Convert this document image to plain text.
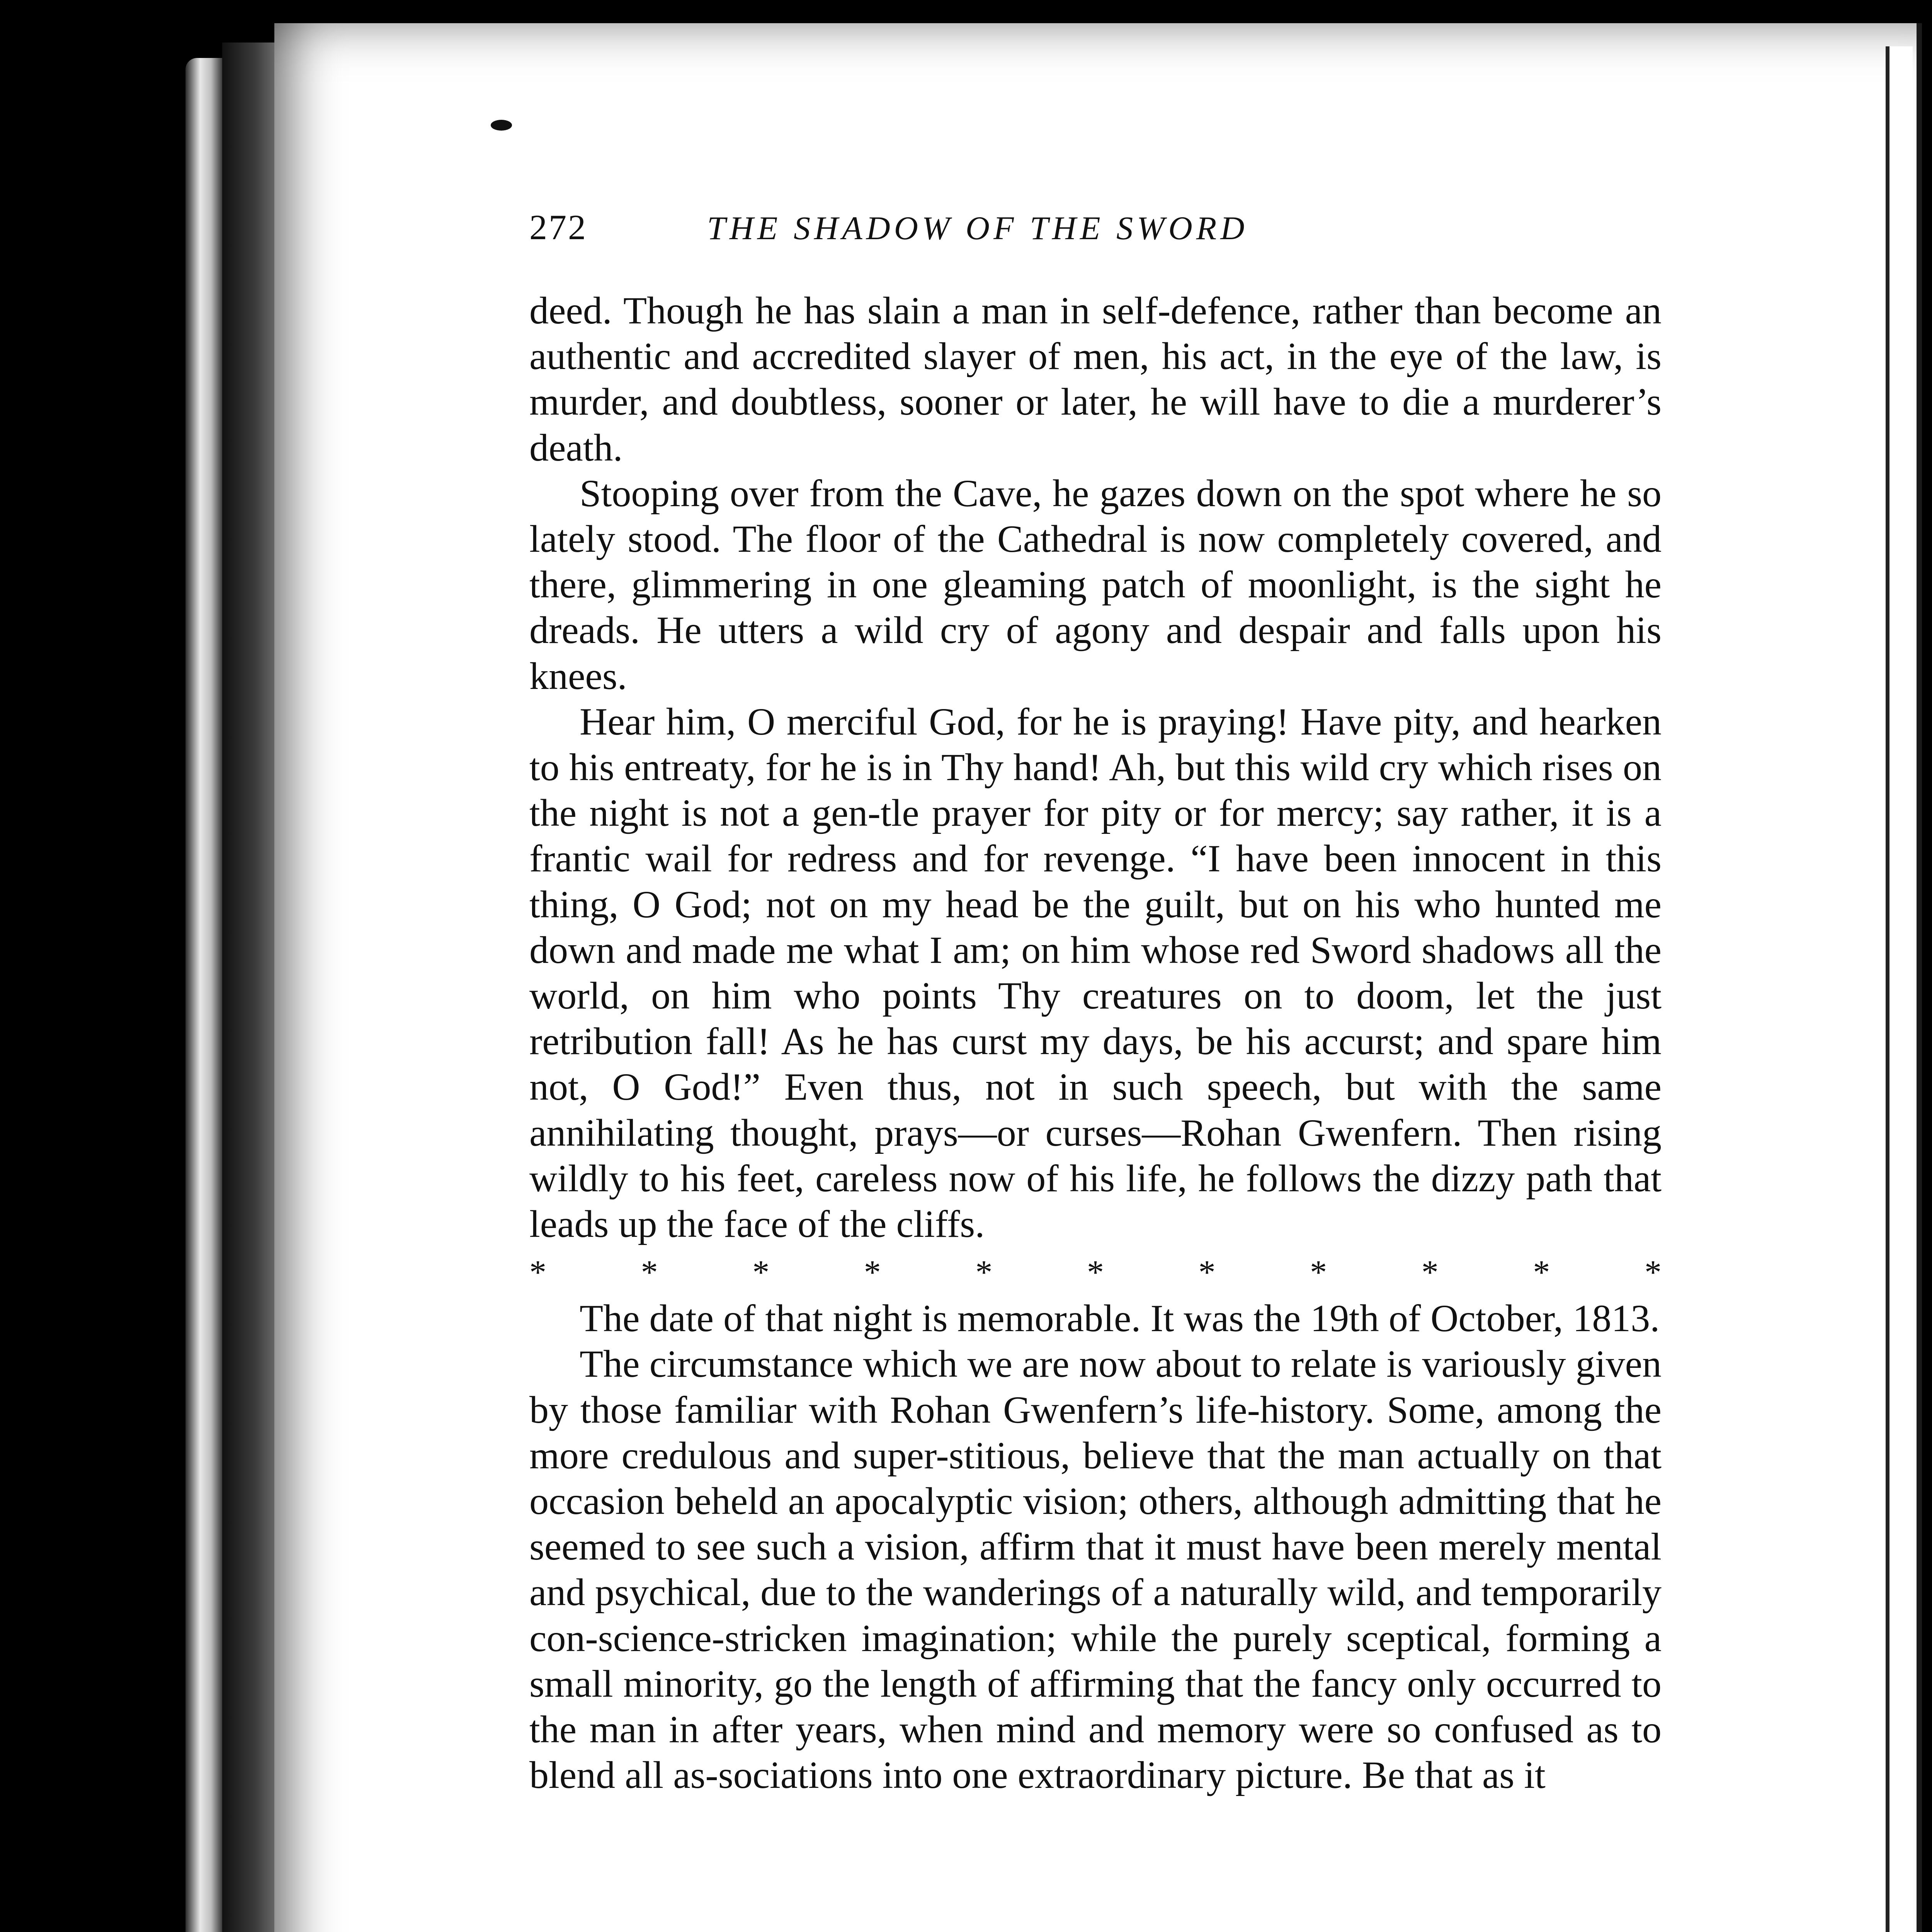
272	THE SHADOW OF THE SWORD

deed. Though he has slain a man in self-defence, rather than become an authentic and accredited slayer of men, his act, in the eye of the law, is murder, and doubtless, sooner or later, he will have to die a murderer’s death.

Stooping over from the Cave, he gazes down on the spot where he so lately stood. The floor of the Cathedral is now completely covered, and there, glimmering in one gleaming patch of moonlight, is the sight he dreads. He utters a wild cry of agony and despair and falls upon his knees.

Hear him, O merciful God, for he is praying! Have pity, and hearken to his entreaty, for he is in Thy hand! Ah, but this wild cry which rises on the night is not a gen-tle prayer for pity or for mercy; say rather, it is a frantic wail for redress and for revenge. “I have been innocent in this thing, O God; not on my head be the guilt, but on his who hunted me down and made me what I am; on him whose red Sword shadows all the world, on him who points Thy creatures on to doom, let the just retribution fall! As he has curst my days, be his accurst; and spare him not, O God!” Even thus, not in such speech, but with the same annihilating thought, prays—or curses—Rohan Gwenfern. Then rising wildly to his feet, careless now of his life, he follows the dizzy path that leads up the face of the cliffs.

*	*	*	*	*	*	*	*	*	*	*

The date of that night is memorable. It was the 19th of October, 1813.

The circumstance which we are now about to relate is variously given by those familiar with Rohan Gwenfern’s life-history. Some, among the more credulous and super-stitious, believe that the man actually on that occasion beheld an apocalyptic vision; others, although admitting that he seemed to see such a vision, affirm that it must have been merely mental and psychical, due to the wanderings of a naturally wild, and temporarily con-science-stricken imagination; while the purely sceptical, forming a small minority, go the length of affirming that the fancy only occurred to the man in after years, when mind and memory were so confused as to blend all as-sociations into one extraordinary picture. Be that as it
